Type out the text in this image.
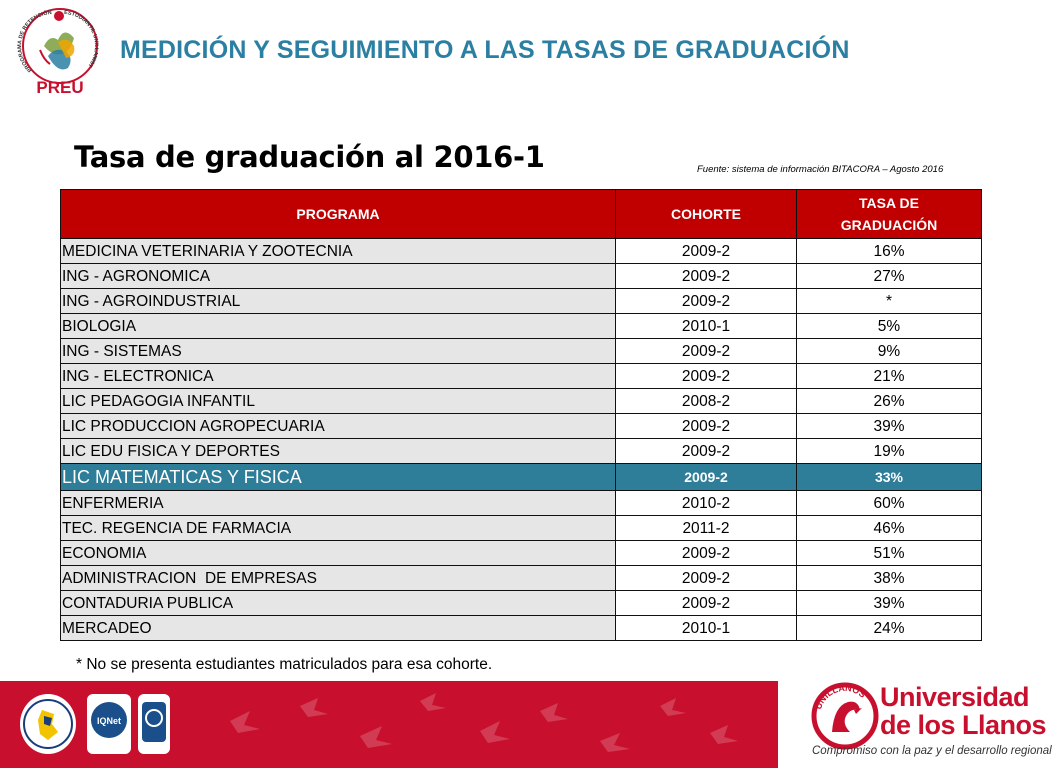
PROGRAMA DE RETENCIÓN	ESTUDIANTIL UNILLANIST
PREU
MEDICIÓN Y SEGUIMIENTO A LAS TASAS DE GRADUACIÓN
Tasa de graduación al 2016-1	Fuente: sistema de información BITACORA – Agosto 2016
PROGRAMA	COHORTE	TASA DE
GRADUACIÓN
MEDICINA VETERINARIA Y ZOOTECNIA	2009-2	16%
ING - AGRONOMICA	2009-2	27%
ING - AGROINDUSTRIAL	2009-2	*
BIOLOGIA	2010-1	5%
ING - SISTEMAS	2009-2	9%
ING - ELECTRONICA	2009-2	21%
LIC PEDAGOGIA INFANTIL	2008-2	26%
LIC PRODUCCION AGROPECUARIA	2009-2	39%
LIC EDU FISICA Y DEPORTES	2009-2	19%
LIC MATEMATICAS Y FISICA	2009-2	33%
ENFERMERIA	2010-2	60%
TEC. REGENCIA DE FARMACIA	2011-2	46%
ECONOMIA	2009-2	51%
ADMINISTRACION  DE EMPRESAS	2009-2	38%
CONTADURIA PUBLICA	2009-2	39%
MERCADEO	2010-1	24%
* No se presenta estudiantes matriculados para esa cohorte.
IQNet
UNILLANOS Universidad
de los Llanos
Compromiso con la paz y el desarrollo regional
